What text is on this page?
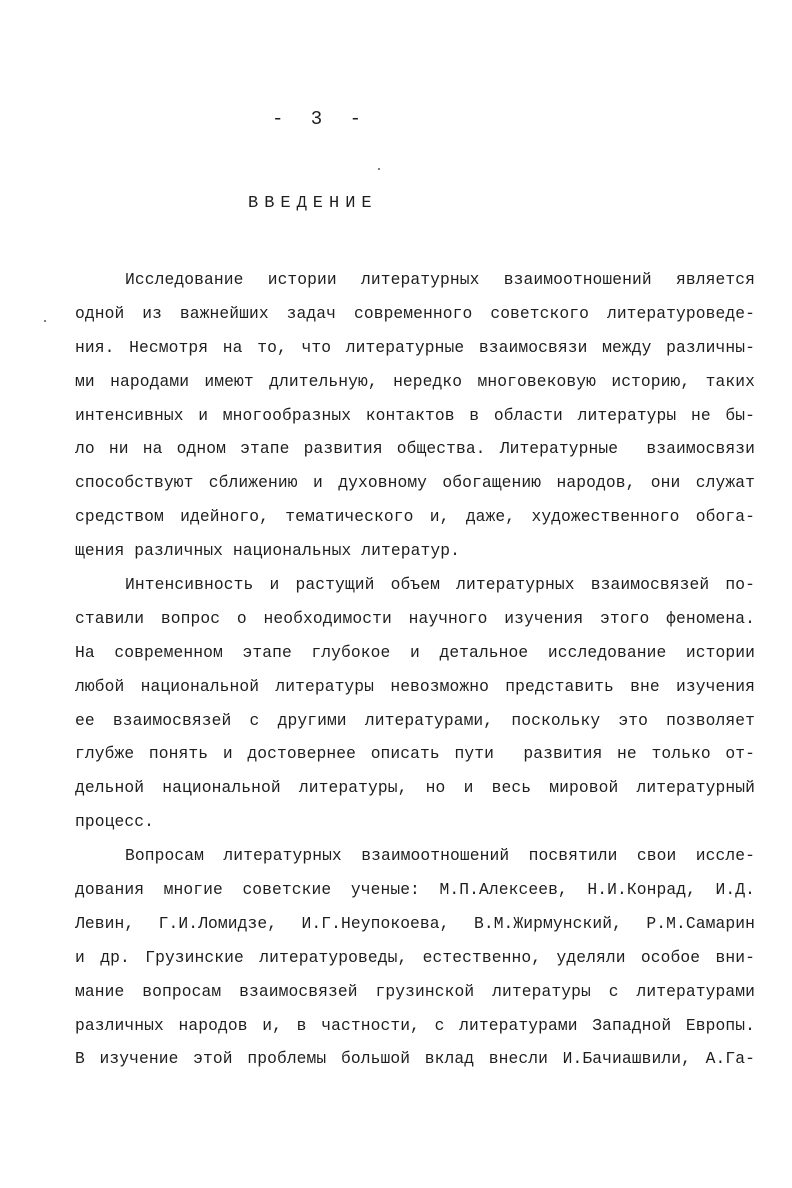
- 3 -
ВВЕДЕНИЕ
Исследование истории литературных взаимоотношений является
одной из важнейших задач современного советского литературоведе-
ния. Несмотря на то, что литературные взаимосвязи между различны-
ми народами имеют длительную, нередко многовековую историю, таких
интенсивных и многообразных контактов в области литературы не бы-
ло ни на одном этапе развития общества. Литературные  взаимосвязи
способствуют сближению и духовному обогащению народов, они служат
средством идейного, тематического и, даже, художественного обога-
щения различных национальных литератур.
Интенсивность и растущий объем литературных взаимосвязей по-
ставили вопрос о необходимости научного изучения этого феномена.
На современном этапе глубокое и детальное исследование истории
любой национальной литературы невозможно представить вне изучения
ее взаимосвязей с другими литературами, поскольку это позволяет
глубже понять и достовернее описать пути  развития не только от-
дельной национальной литературы, но и весь мировой литературный
процесс.
Вопросам литературных взаимоотношений посвятили свои иссле-
дования многие советские ученые: М.П.Алексеев, Н.И.Конрад, И.Д.
Левин, Г.И.Ломидзе, И.Г.Неупокоева, В.М.Жирмунский, Р.М.Самарин
и др. Грузинские литературоведы, естественно, уделяли особое вни-
мание вопросам взаимосвязей грузинской литературы с литературами
различных народов и, в частности, с литературами Западной Европы.
В изучение этой проблемы большой вклад внесли И.Бачиашвили, А.Га-
